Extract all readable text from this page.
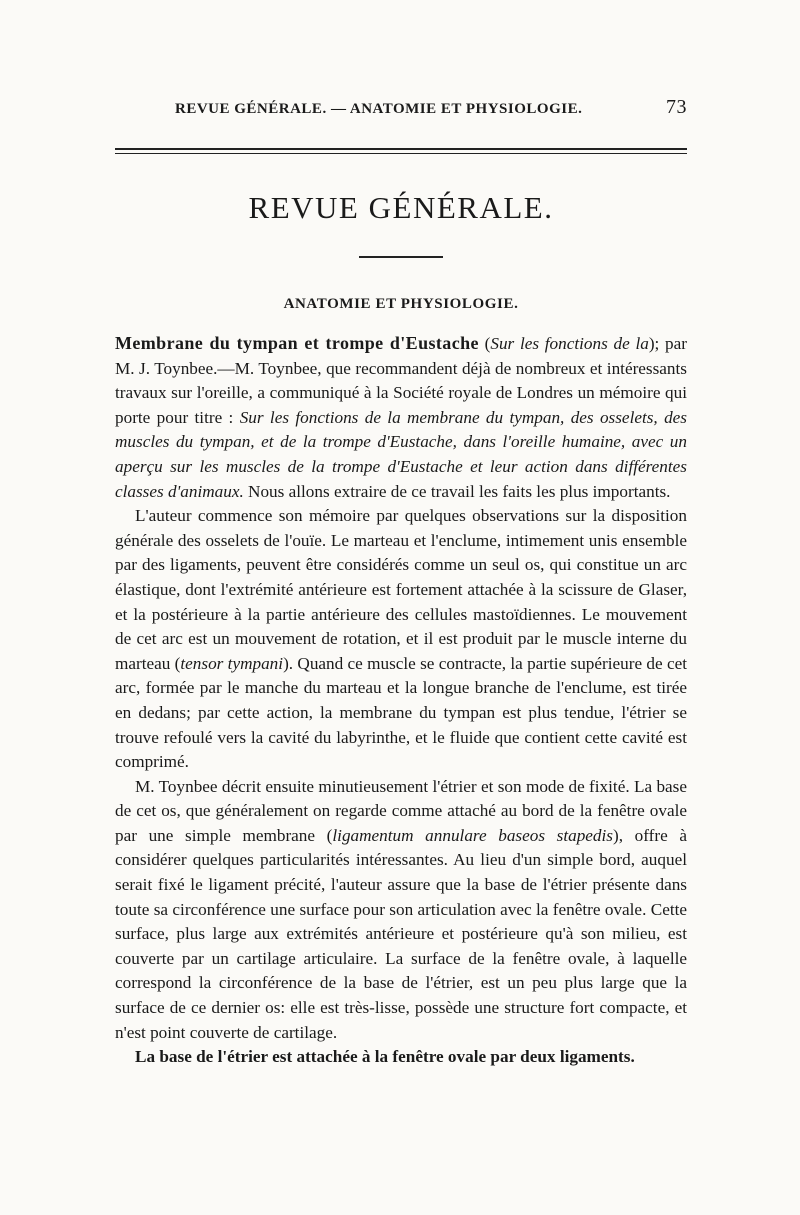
REVUE GÉNÉRALE. — ANATOMIE ET PHYSIOLOGIE.	73
REVUE GÉNÉRALE.
ANATOMIE ET PHYSIOLOGIE.

Membrane du tympan et trompe d'Eustache (Sur les fonctions de la); par M. J. Toynbee.—M. Toynbee, que recommandent déjà de nombreux et intéressants travaux sur l'oreille, a communiqué à la Société royale de Londres un mémoire qui porte pour titre : Sur les fonctions de la membrane du tympan, des osselets, des muscles du tympan, et de la trompe d'Eustache, dans l'oreille humaine, avec un aperçu sur les muscles de la trompe d'Eustache et leur action dans différentes classes d'animaux. Nous allons extraire de ce travail les faits les plus importants.

L'auteur commence son mémoire par quelques observations sur la disposition générale des osselets de l'ouïe. Le marteau et l'enclume, intimement unis ensemble par des ligaments, peuvent être considérés comme un seul os, qui constitue un arc élastique, dont l'extrémité antérieure est fortement attachée à la scissure de Glaser, et la postérieure à la partie antérieure des cellules mastoïdiennes. Le mouvement de cet arc est un mouvement de rotation, et il est produit par le muscle interne du marteau (tensor tympani). Quand ce muscle se contracte, la partie supérieure de cet arc, formée par le manche du marteau et la longue branche de l'enclume, est tirée en dedans; par cette action, la membrane du tympan est plus tendue, l'étrier se trouve refoulé vers la cavité du labyrinthe, et le fluide que contient cette cavité est comprimé.

M. Toynbee décrit ensuite minutieusement l'étrier et son mode de fixité. La base de cet os, que généralement on regarde comme attaché au bord de la fenêtre ovale par une simple membrane (ligamentum annulare baseos stapedis), offre à considérer quelques particularités intéressantes. Au lieu d'un simple bord, auquel serait fixé le ligament précité, l'auteur assure que la base de l'étrier présente dans toute sa circonférence une surface pour son articulation avec la fenêtre ovale. Cette surface, plus large aux extrémités antérieure et postérieure qu'à son milieu, est couverte par un cartilage articulaire. La surface de la fenêtre ovale, à laquelle correspond la circonférence de la base de l'étrier, est un peu plus large que la surface de ce dernier os: elle est très-lisse, possède une structure fort compacte, et n'est point couverte de cartilage.

La base de l'étrier est attachée à la fenêtre ovale par deux ligaments.
